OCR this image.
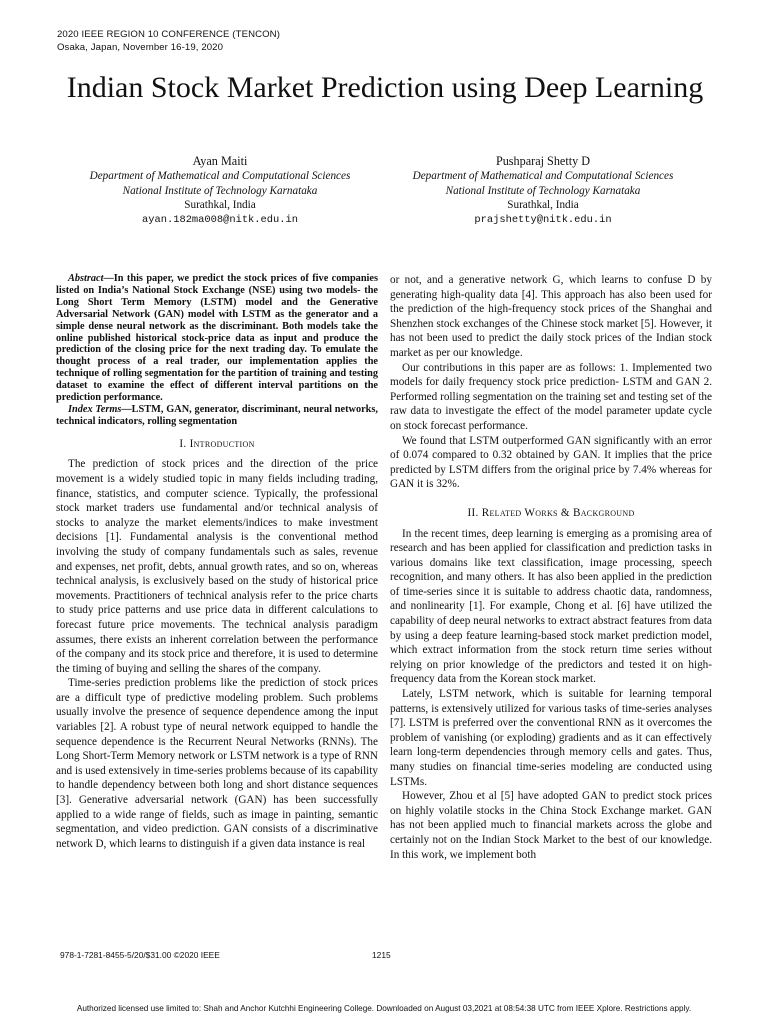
2020 IEEE REGION 10 CONFERENCE (TENCON)
Osaka, Japan, November 16-19, 2020
Indian Stock Market Prediction using Deep Learning
Ayan Maiti
Department of Mathematical and Computational Sciences
National Institute of Technology Karnataka
Surathkal, India
ayan.182ma008@nitk.edu.in
Pushparaj Shetty D
Department of Mathematical and Computational Sciences
National Institute of Technology Karnataka
Surathkal, India
prajshetty@nitk.edu.in

Abstract—In this paper, we predict the stock prices of five companies listed on India’s National Stock Exchange (NSE) using two models- the Long Short Term Memory (LSTM) model and the Generative Adversarial Network (GAN) model with LSTM as the generator and a simple dense neural network as the discriminant. Both models take the online published historical stock-price data as input and produce the prediction of the closing price for the next trading day. To emulate the thought process of a real trader, our implementation applies the technique of rolling segmentation for the partition of training and testing dataset to examine the effect of different interval partitions on the prediction performance.

Index Terms—LSTM, GAN, generator, discriminant, neural networks, technical indicators, rolling segmentation

I. Introduction

The prediction of stock prices and the direction of the price movement is a widely studied topic in many fields including trading, finance, statistics, and computer science. Typically, the professional stock market traders use fundamental and/or technical analysis of stocks to analyze the market elements/indices to make investment decisions [1]. Fundamental analysis is the conventional method involving the study of company fundamentals such as sales, revenue and expenses, net profit, debts, annual growth rates, and so on, whereas technical analysis, is exclusively based on the study of historical price movements. Practitioners of technical analysis refer to the price charts to study price patterns and use price data in different calculations to forecast future price movements. The technical analysis paradigm assumes, there exists an inherent correlation between the performance of the company and its stock price and therefore, it is used to determine the timing of buying and selling the shares of the company.

Time-series prediction problems like the prediction of stock prices are a difficult type of predictive modeling problem. Such problems usually involve the presence of sequence dependence among the input variables [2]. A robust type of neural network equipped to handle the sequence dependence is the Recurrent Neural Networks (RNNs). The Long Short-Term Memory network or LSTM network is a type of RNN and is used extensively in time-series problems because of its capability to handle dependency between both long and short distance sequences [3]. Generative adversarial network (GAN) has been successfully applied to a wide range of fields, such as image in painting, semantic segmentation, and video prediction. GAN consists of a discriminative network D, which learns to distinguish if a given data instance is real

or not, and a generative network G, which learns to confuse D by generating high-quality data [4]. This approach has also been used for the prediction of the high-frequency stock prices of the Shanghai and Shenzhen stock exchanges of the Chinese stock market [5]. However, it has not been used to predict the daily stock prices of the Indian stock market as per our knowledge.

Our contributions in this paper are as follows: 1. Implemented two models for daily frequency stock price prediction- LSTM and GAN 2. Performed rolling segmentation on the training set and testing set of the raw data to investigate the effect of the model parameter update cycle on stock forecast performance.

We found that LSTM outperformed GAN significantly with an error of 0.074 compared to 0.32 obtained by GAN. It implies that the price predicted by LSTM differs from the original price by 7.4% whereas for GAN it is 32%.

II. Related Works & Background

In the recent times, deep learning is emerging as a promising area of research and has been applied for classification and prediction tasks in various domains like text classification, image processing, speech recognition, and many others. It has also been applied in the prediction of time-series since it is suitable to address chaotic data, randomness, and nonlinearity [1]. For example, Chong et al. [6] have utilized the capability of deep neural networks to extract abstract features from data by using a deep feature learning-based stock market prediction model, which extract information from the stock return time series without relying on prior knowledge of the predictors and tested it on high-frequency data from the Korean stock market.

Lately, LSTM network, which is suitable for learning temporal patterns, is extensively utilized for various tasks of time-series analyses [7]. LSTM is preferred over the conventional RNN as it overcomes the problem of vanishing (or exploding) gradients and as it can effectively learn long-term dependencies through memory cells and gates. Thus, many studies on financial time-series modeling are conducted using LSTMs.

However, Zhou et al [5] have adopted GAN to predict stock prices on highly volatile stocks in the China Stock Exchange market. GAN has not been applied much to financial markets across the globe and certainly not on the Indian Stock Market to the best of our knowledge. In this work, we implement both

978-1-7281-8455-5/20/$31.00 ©2020 IEEE	1215
Authorized licensed use limited to: Shah and Anchor Kutchhi Engineering College. Downloaded on August 03,2021 at 08:54:38 UTC from IEEE Xplore. Restrictions apply.
